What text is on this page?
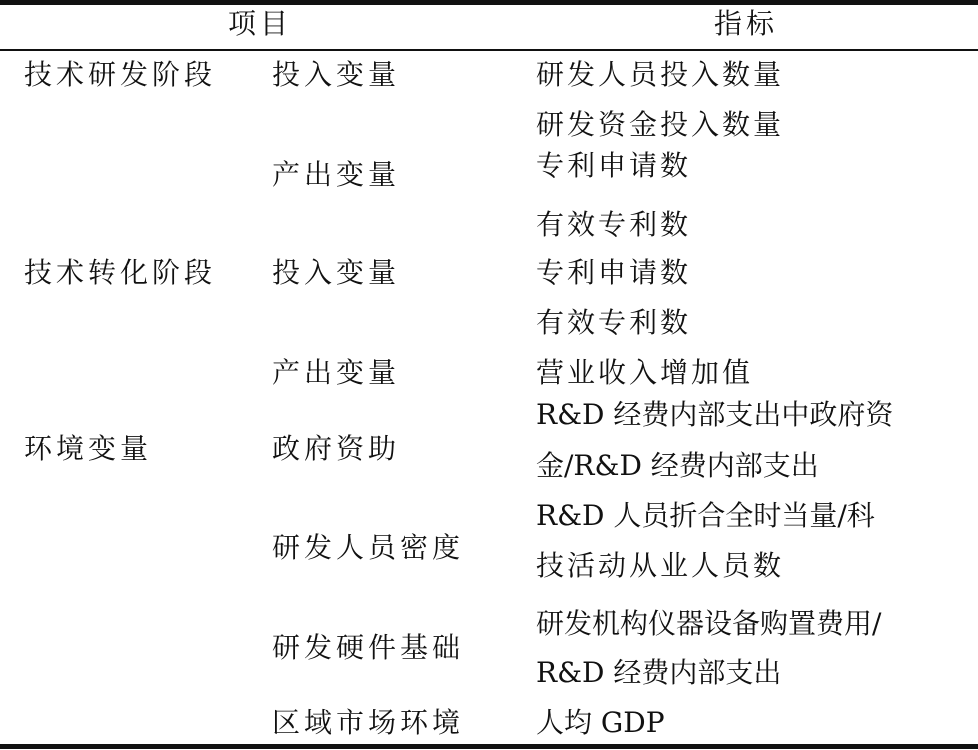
项目	指标
技术研发阶段
技术转化阶段
环境变量
投入变量
产出变量
投入变量
产出变量
政府资助
研发人员密度
研发硬件基础
区域市场环境
研发人员投入数量
研发资金投入数量
专利申请数
有效专利数
专利申请数
有效专利数
营业收入增加值
R&D 经费内部支出中政府资
金/R&D 经费内部支出
R&D 人员折合全时当量/科
技活动从业人员数
研发机构仪器设备购置费用/
R&D 经费内部支出
人均 GDP
